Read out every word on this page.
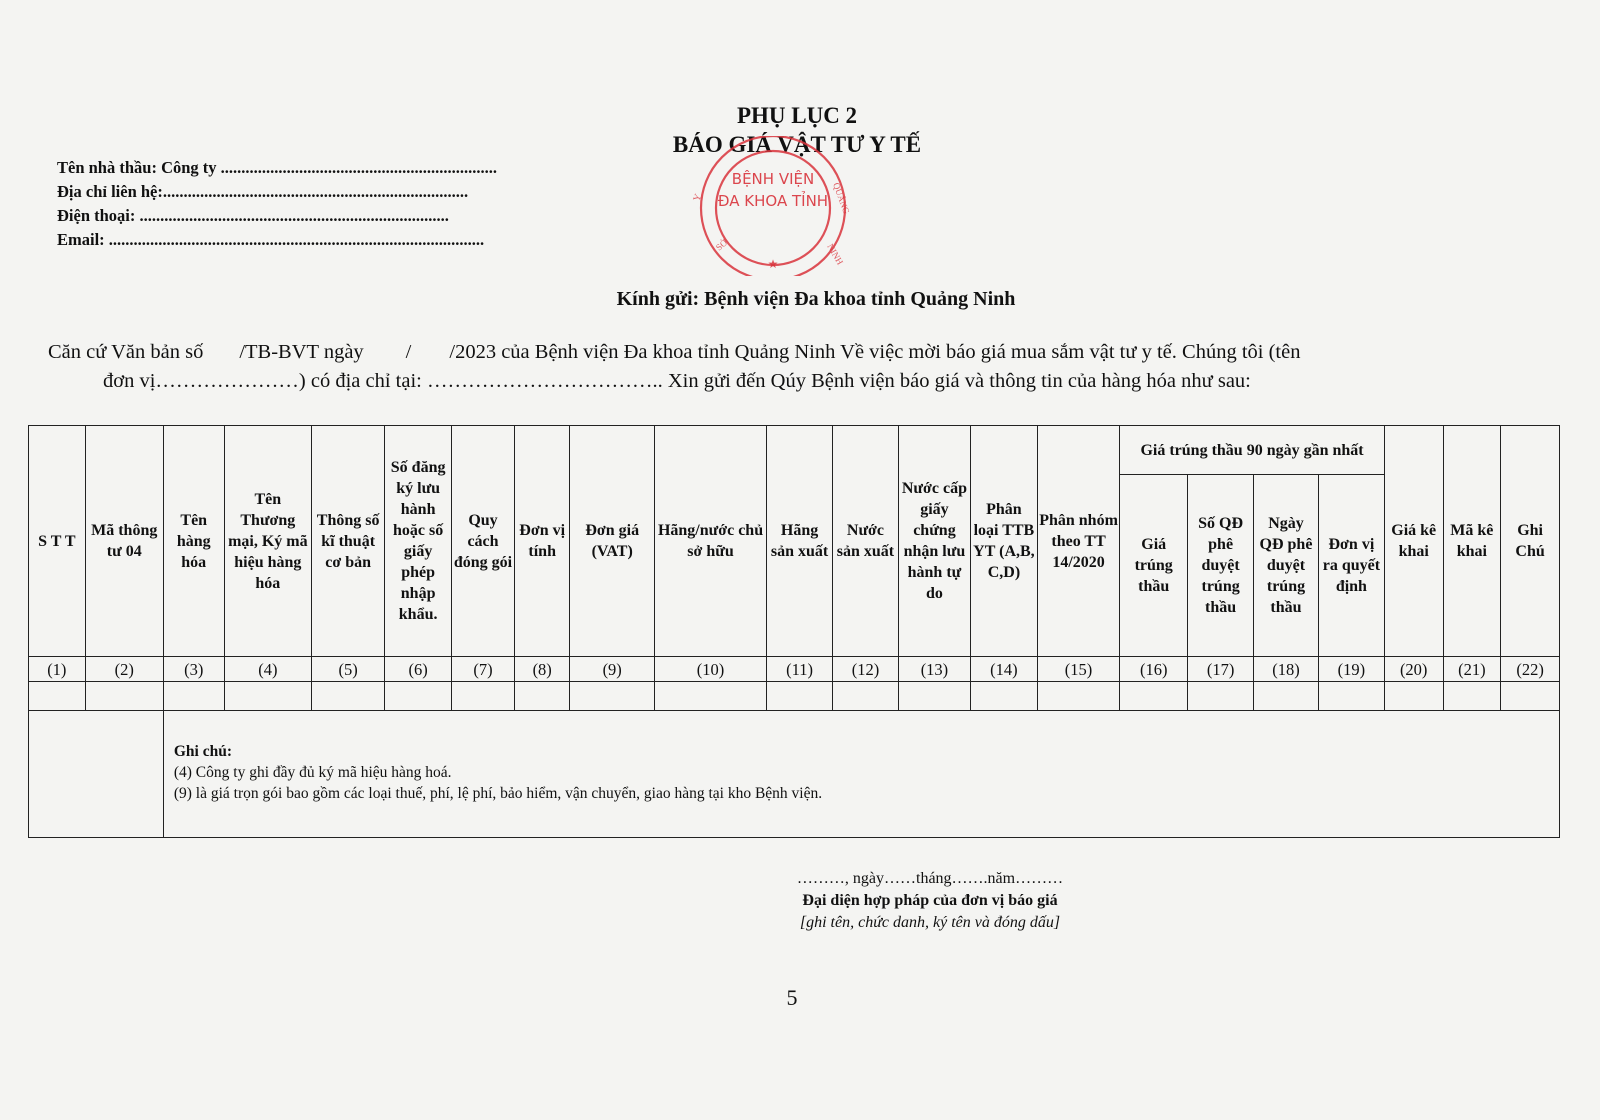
PHỤ LỤC 2
BÁO GIÁ VẬT TƯ Y TẾ
Tên nhà thầu: Công ty ...................................................................
Địa chỉ liên hệ:..........................................................................
Điện thoại: ...........................................................................
Email: ...........................................................................................
★
Y	QUẢNG
NINH
SỞ
BỆNH VIỆN
ĐA KHOA TỈNH
Kính gửi: Bệnh viện Đa khoa tỉnh Quảng Ninh
Căn cứ Văn bản số /TB-BVT ngày / /2023 của Bệnh viện Đa khoa tỉnh Quảng Ninh Về việc mời báo giá mua sắm vật tư y tế. Chúng tôi (tên
đơn vị…………………) có địa chỉ tại: …………………………….. Xin gửi đến Qúy Bệnh viện báo giá và thông tin của hàng hóa như sau:
S T T	Mã thông tư 04	Tên hàng hóa	Tên Thương mại, Ký mã hiệu hàng hóa	Thông số kĩ thuật cơ bản	Số đăng ký lưu hành hoặc số giấy phép nhập khẩu.	Quy cách đóng gói	Đơn vị tính	Đơn giá (VAT)	Hãng/nước chủ sở hữu	Hãng sản xuất	Nước sản xuất	Nước cấp giấy chứng nhận lưu hành tự do	Phân loại TTB YT (A,B, C,D)	Phân nhóm theo TT 14/2020	Giá trúng thầu 90 ngày gần nhất				Giá kê khai	Mã kê khai	Ghi Chú
															Giá trúng thầu	Số QĐ phê duyệt trúng thầu	Ngày QĐ phê duyệt trúng thầu	Đơn vị ra quyết định			
(1)	(2)	(3)	(4)	(5)	(6)	(7)	(8)	(9)	(10)	(11)	(12)	(13)	(14)	(15)	(16)	(17)	(18)	(19)	(20)	(21)	(22)

		Ghi chú:
(4) Công ty ghi đầy đủ ký mã hiệu hàng hoá.
(9) là giá trọn gói bao gồm các loại thuế, phí, lệ phí, bảo hiểm, vận chuyển, giao hàng tại kho Bệnh viện.																			
………, ngày……tháng…….năm………
Đại diện hợp pháp của đơn vị báo giá
[ghi tên, chức danh, ký tên và đóng dấu]
5
